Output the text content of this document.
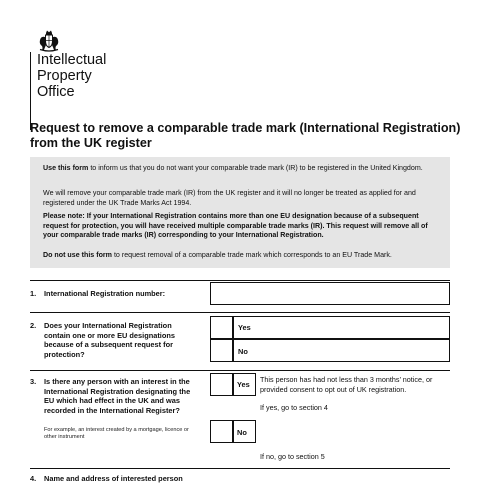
Intellectual
Property
Office
Request to remove a comparable trade mark (International Registration) from the UK register

Use this form to inform us that you do not want your comparable trade mark (IR) to be registered in the United Kingdom.

We will remove your comparable trade mark (IR) from the UK register and it will no longer be treated as applied for and registered under the UK Trade Marks Act 1994.

Please note: If your International Registration contains more than one EU designation because of a subsequent request for protection, you will have received multiple comparable trade marks (IR). This request will remove all of your comparable trade marks (IR) corresponding to your International Registration.

Do not use this form to request removal of a comparable trade mark which corresponds to an EU Trade Mark.

1. International Registration number:
2. Does your International Registration contain one or more EU designations because of a subsequent request for protection?
Yes
No
3. Is there any person with an interest in the International Registration designating the EU which had effect in the UK and was recorded in the International Register?
For example, an interest created by a mortgage, licence or other instrument
Yes
This person has had not less than 3 months’ notice, or provided consent to opt out of UK registration.
If yes, go to section 4
No
If no, go to section 5
4. Name and address of interested person
